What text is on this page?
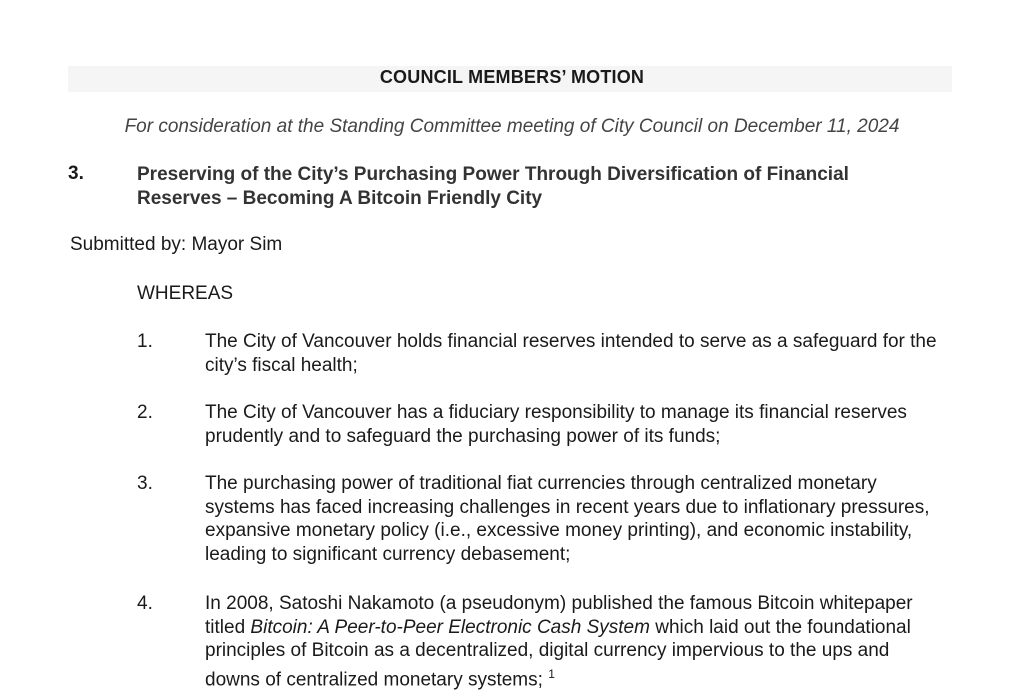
COUNCIL MEMBERS’ MOTION
For consideration at the Standing Committee meeting of City Council on December 11, 2024
3.	Preserving of the City’s Purchasing Power Through Diversification of Financial Reserves – Becoming A Bitcoin Friendly City
Submitted by: Mayor Sim
WHEREAS
1.	The City of Vancouver holds financial reserves intended to serve as a safeguard for the city’s fiscal health;
2.	The City of Vancouver has a fiduciary responsibility to manage its financial reserves prudently and to safeguard the purchasing power of its funds;
3.	The purchasing power of traditional fiat currencies through centralized monetary systems has faced increasing challenges in recent years due to inflationary pressures, expansive monetary policy (i.e., excessive money printing), and economic instability, leading to significant currency debasement;
4.	In 2008, Satoshi Nakamoto (a pseudonym) published the famous Bitcoin whitepaper titled Bitcoin: A Peer-to-Peer Electronic Cash System which laid out the foundational principles of Bitcoin as a decentralized, digital currency impervious to the ups and downs of centralized monetary systems; $^1$
